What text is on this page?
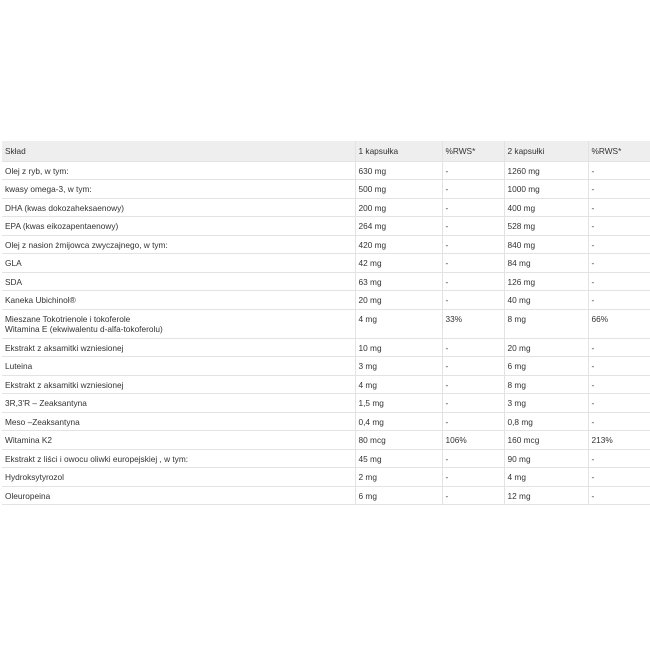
Skład	1 kapsułka	%RWS*	2 kapsułki	%RWS*

Olej z ryb, w tym:	630 mg	-	1260 mg	-

kwasy omega-3, w tym:	500 mg	-	1000 mg	-

DHA (kwas dokozaheksaenowy)	200 mg	-	400 mg	-

EPA (kwas eikozapentaenowy)	264 mg	-	528 mg	-

Olej z nasion żmijowca zwyczajnego, w tym:	420 mg	-	840 mg	-

GLA	42 mg	-	84 mg	-

SDA	63 mg	-	126 mg	-

Kaneka Ubichinol®	20 mg	-	40 mg	-

Mieszane Tokotrienole i tokoferole
Witamina E (ekwiwalentu d-alfa-tokoferolu)	4 mg	33%	8 mg	66%

Ekstrakt z aksamitki wzniesionej	10 mg	-	20 mg	-

Luteina	3 mg	-	6 mg	-

Ekstrakt z aksamitki wzniesionej	4 mg	-	8 mg	-

3R,3'R – Zeaksantyna	1,5 mg	-	3 mg	-

Meso –Zeaksantyna	0,4 mg	-	0,8 mg	-

Witamina K2	80 mcg	106%	160 mcg	213%

Ekstrakt z liści i owocu oliwki europejskiej , w tym:	45 mg	-	90 mg	-

Hydroksytyrozol	2 mg	-	4 mg	-

Oleuropeina	6 mg	-	12 mg	-
